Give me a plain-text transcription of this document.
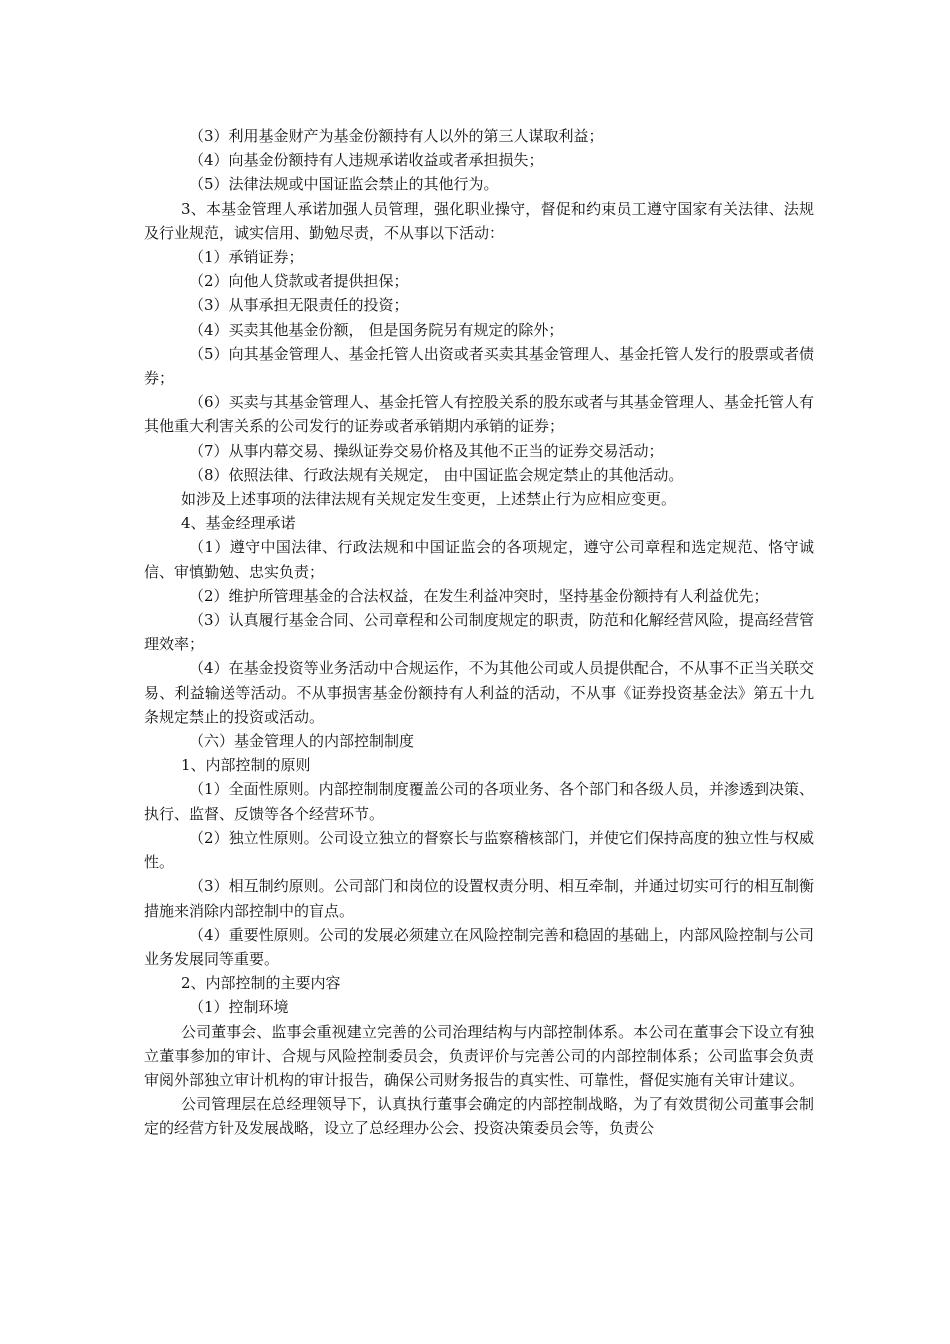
（3）利用基金财产为基金份额持有人以外的第三人谋取利益；

（4）向基金份额持有人违规承诺收益或者承担损失；

（5）法律法规或中国证监会禁止的其他行为。

3、本基金管理人承诺加强人员管理，强化职业操守，督促和约束员工遵守国家有关法律、法规及行业规范，诚实信用、勤勉尽责，不从事以下活动：

（1）承销证券；

（2）向他人贷款或者提供担保；

（3）从事承担无限责任的投资；

（4）买卖其他基金份额， 但是国务院另有规定的除外；

（5）向其基金管理人、基金托管人出资或者买卖其基金管理人、基金托管人发行的股票或者债券；

（6）买卖与其基金管理人、基金托管人有控股关系的股东或者与其基金管理人、基金托管人有其他重大利害关系的公司发行的证券或者承销期内承销的证券；

（7）从事内幕交易、操纵证券交易价格及其他不正当的证券交易活动；

（8）依照法律、行政法规有关规定， 由中国证监会规定禁止的其他活动。

如涉及上述事项的法律法规有关规定发生变更，上述禁止行为应相应变更。

4、基金经理承诺

（1）遵守中国法律、行政法规和中国证监会的各项规定，遵守公司章程和选定规范、恪守诚信、审慎勤勉、忠实负责；

（2）维护所管理基金的合法权益，在发生利益冲突时，坚持基金份额持有人利益优先；

（3）认真履行基金合同、公司章程和公司制度规定的职责，防范和化解经营风险，提高经营管理效率；

（4）在基金投资等业务活动中合规运作，不为其他公司或人员提供配合，不从事不正当关联交易、利益输送等活动。不从事损害基金份额持有人利益的活动，不从事《证券投资基金法》第五十九条规定禁止的投资或活动。

（六）基金管理人的内部控制制度

1、内部控制的原则

（1）全面性原则。内部控制制度覆盖公司的各项业务、各个部门和各级人员，并渗透到决策、执行、监督、反馈等各个经营环节。

（2）独立性原则。公司设立独立的督察长与监察稽核部门，并使它们保持高度的独立性与权威性。

（3）相互制约原则。公司部门和岗位的设置权责分明、相互牵制，并通过切实可行的相互制衡措施来消除内部控制中的盲点。

（4）重要性原则。公司的发展必须建立在风险控制完善和稳固的基础上，内部风险控制与公司业务发展同等重要。

2、内部控制的主要内容

（1）控制环境

公司董事会、监事会重视建立完善的公司治理结构与内部控制体系。本公司在董事会下设立有独立董事参加的审计、合规与风险控制委员会，负责评价与完善公司的内部控制体系；公司监事会负责审阅外部独立审计机构的审计报告，确保公司财务报告的真实性、可靠性，督促实施有关审计建议。

公司管理层在总经理领导下，认真执行董事会确定的内部控制战略，为了有效贯彻公司董事会制定的经营方针及发展战略，设立了总经理办公会、投资决策委员会等，负责公
